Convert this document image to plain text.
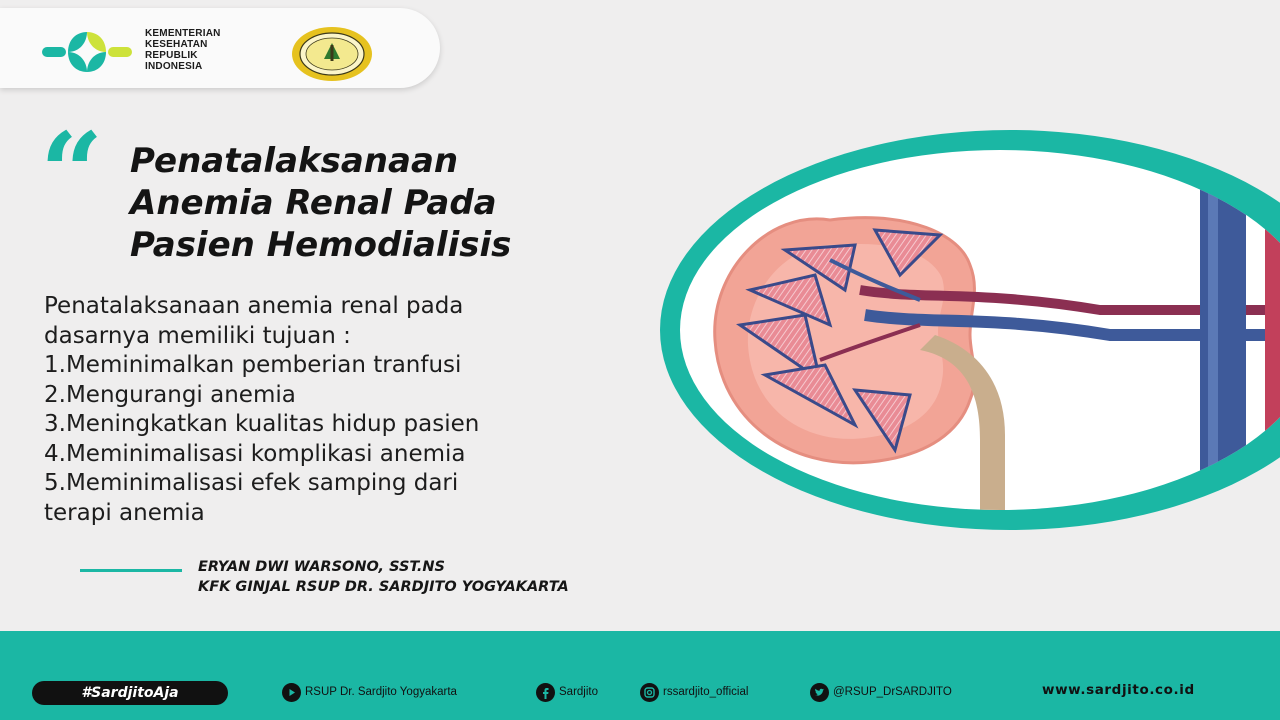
KEMENTERIAN
KESEHATAN
REPUBLIK
INDONESIA
“ Penatalaksanaan
Anemia Renal Pada
Pasien Hemodialisis
Penatalaksanaan anemia renal pada
dasarnya memiliki tujuan :
1.Meminimalkan pemberian tranfusi
2.Mengurangi anemia
3.Meningkatkan kualitas hidup pasien
4.Meminimalisasi komplikasi anemia
5.Meminimalisasi efek samping dari
terapi anemia
ERYAN DWI WARSONO, SST.NS
KFK GINJAL RSUP DR. SARDJITO YOGYAKARTA
#SardjitoAja	RSUP Dr. Sardjito Yogyakarta	Sardjito	rssardjito_official	@RSUP_DrSARDJITO	www.sardjito.co.id
